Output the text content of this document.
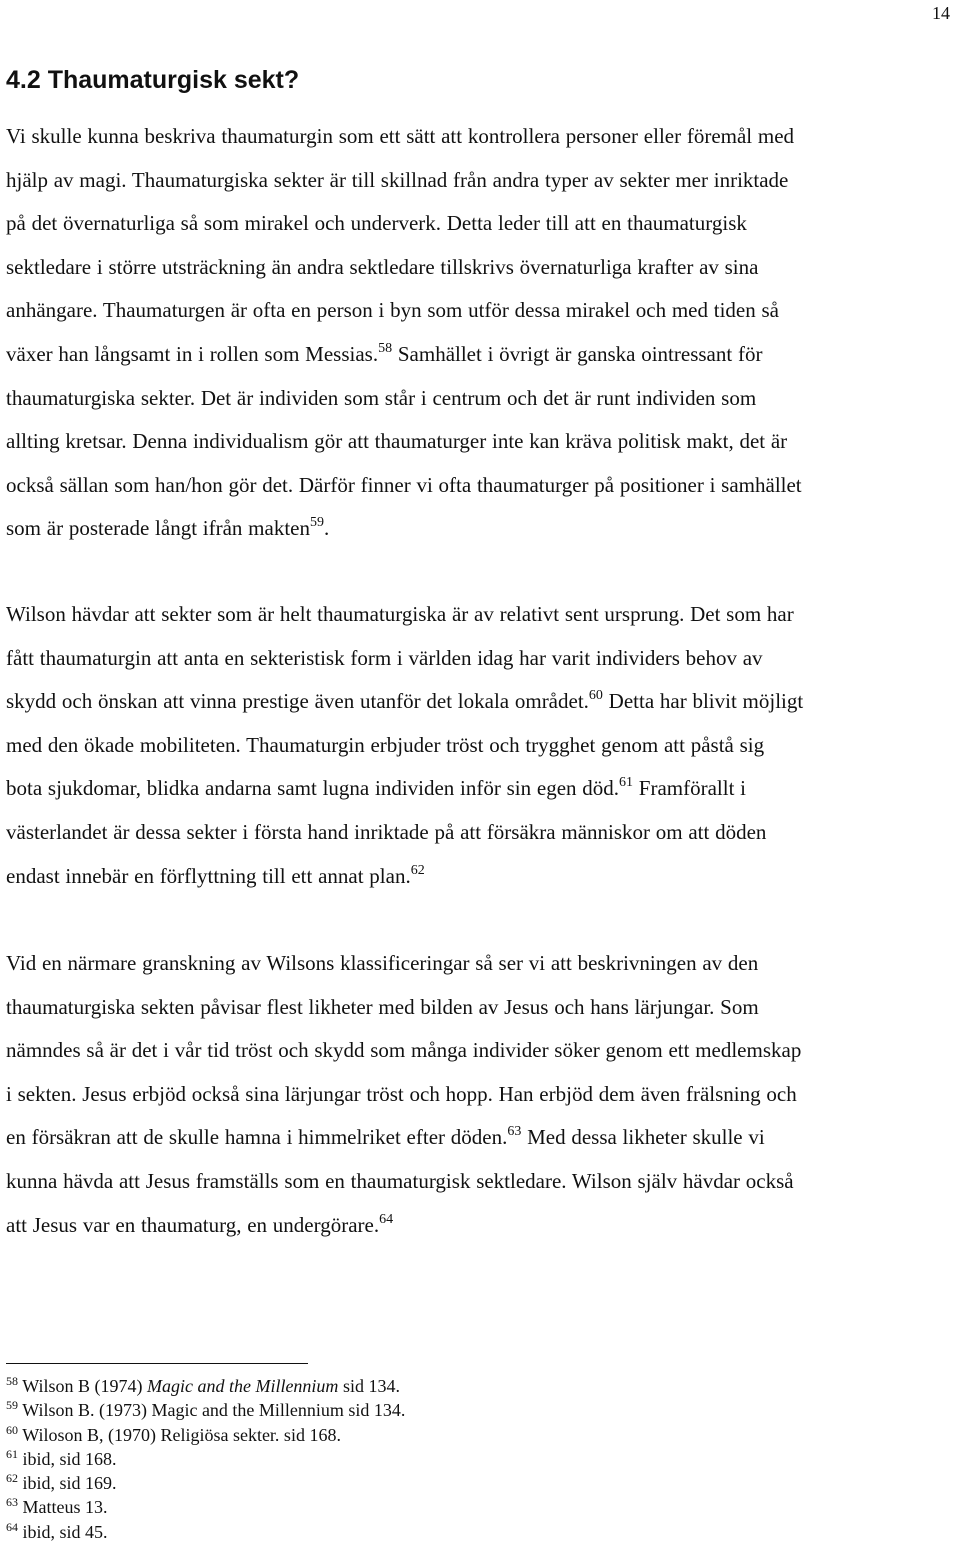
14
4.2 Thaumaturgisk sekt?
Vi skulle kunna beskriva thaumaturgin som ett sätt att kontrollera personer eller föremål med
hjälp av magi. Thaumaturgiska sekter är till skillnad från andra typer av sekter mer inriktade
på det övernaturliga så som mirakel och underverk. Detta leder till att en thaumaturgisk
sektledare i större utsträckning än andra sektledare tillskrivs övernaturliga krafter av sina
anhängare. Thaumaturgen är ofta en person i byn som utför dessa mirakel och med tiden så
växer han långsamt in i rollen som Messias.$^{58}$ Samhället i övrigt är ganska ointressant för
thaumaturgiska sekter. Det är individen som står i centrum och det är runt individen som
allting kretsar. Denna individualism gör att thaumaturger inte kan kräva politisk makt, det är
också sällan som han/hon gör det. Därför finner vi ofta thaumaturger på positioner i samhället
som är posterade långt ifrån makten$^{59}$.
Wilson hävdar att sekter som är helt thaumaturgiska är av relativt sent ursprung. Det som har
fått thaumaturgin att anta en sekteristisk form i världen idag har varit individers behov av
skydd och önskan att vinna prestige även utanför det lokala området.$^{60}$ Detta har blivit möjligt
med den ökade mobiliteten. Thaumaturgin erbjuder tröst och trygghet genom att påstå sig
bota sjukdomar, blidka andarna samt lugna individen inför sin egen död.$^{61}$ Framförallt i
västerlandet är dessa sekter i första hand inriktade på att försäkra människor om att döden
endast innebär en förflyttning till ett annat plan.$^{62}$
Vid en närmare granskning av Wilsons klassificeringar så ser vi att beskrivningen av den
thaumaturgiska sekten påvisar flest likheter med bilden av Jesus och hans lärjungar. Som
nämndes så är det i vår tid tröst och skydd som många individer söker genom ett medlemskap
i sekten. Jesus erbjöd också sina lärjungar tröst och hopp. Han erbjöd dem även frälsning och
en försäkran att de skulle hamna i himmelriket efter döden.$^{63}$ Med dessa likheter skulle vi
kunna hävda att Jesus framställs som en thaumaturgisk sektledare. Wilson själv hävdar också
att Jesus var en thaumaturg, en undergörare.$^{64}$
$^{58}$ Wilson B (1974) Magic and the Millennium sid 134.
$^{59}$ Wilson B. (1973) Magic and the Millennium sid 134.
$^{60}$ Wiloson B, (1970) Religiösa sekter. sid 168.
$^{61}$ ibid, sid 168.
$^{62}$ ibid, sid 169.
$^{63}$ Matteus 13.
$^{64}$ ibid, sid 45.
